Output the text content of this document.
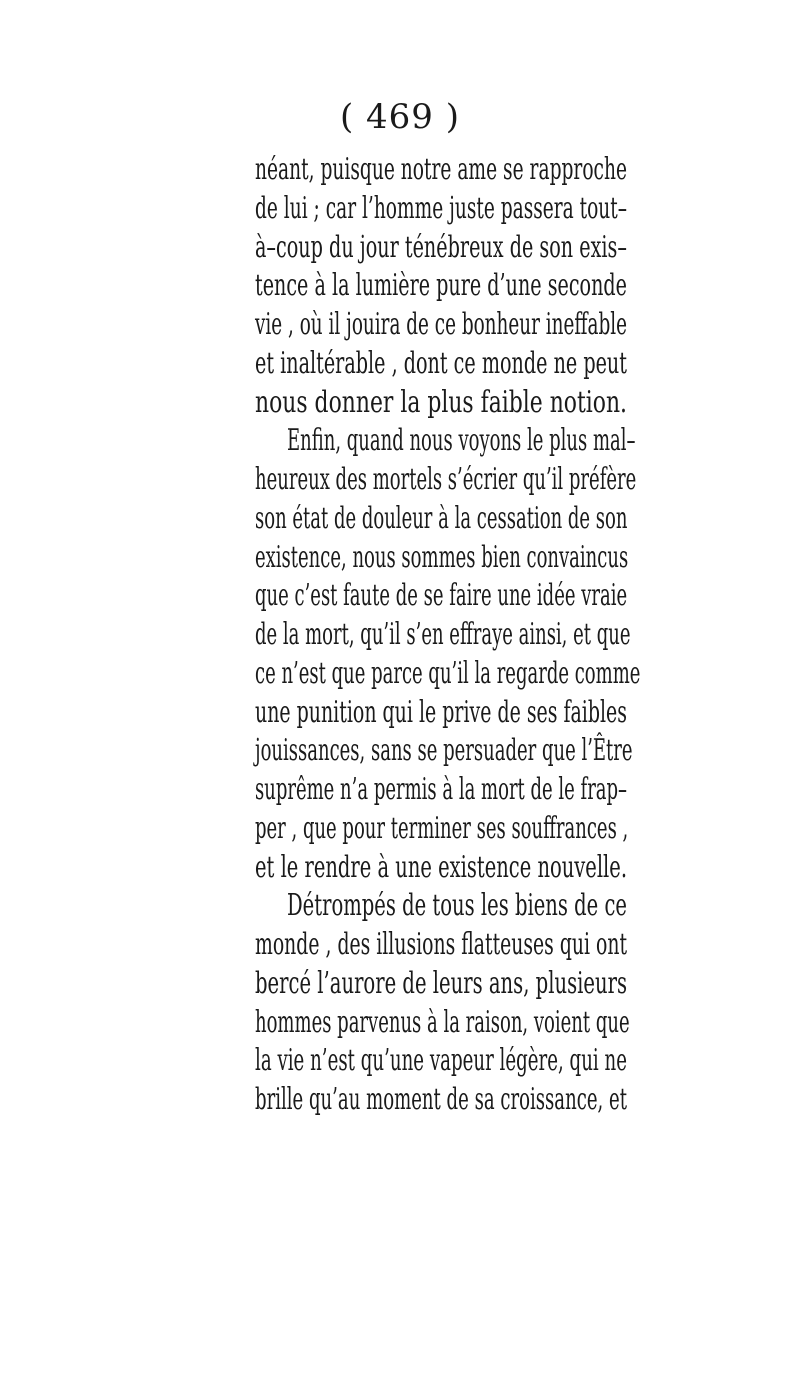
( 469 )
néant, puisque notre ame se rapproche
de lui ; car l’homme juste passera tout–
à–coup du jour ténébreux de son exis–
tence à la lumière pure d’une seconde
vie , où il jouira de ce bonheur ineffable
et inaltérable , dont ce monde ne peut
nous donner la plus faible notion.
Enfin, quand nous voyons le plus mal–
heureux des mortels s’écrier qu’il préfère
son état de douleur à la cessation de son
existence, nous sommes bien convaincus
que c’est faute de se faire une idée vraie
de la mort, qu’il s’en effraye ainsi, et que
ce n’est que parce qu’il la regarde comme
une punition qui le prive de ses faibles
jouissances, sans se persuader que l’Être
suprême n’a permis à la mort de le frap–
per , que pour terminer ses souffrances ,
et le rendre à une existence nouvelle.
Détrompés de tous les biens de ce
monde , des illusions flatteuses qui ont
bercé l’aurore de leurs ans, plusieurs
hommes parvenus à la raison, voient que
la vie n’est qu’une vapeur légère, qui ne
brille qu’au moment de sa croissance, et
